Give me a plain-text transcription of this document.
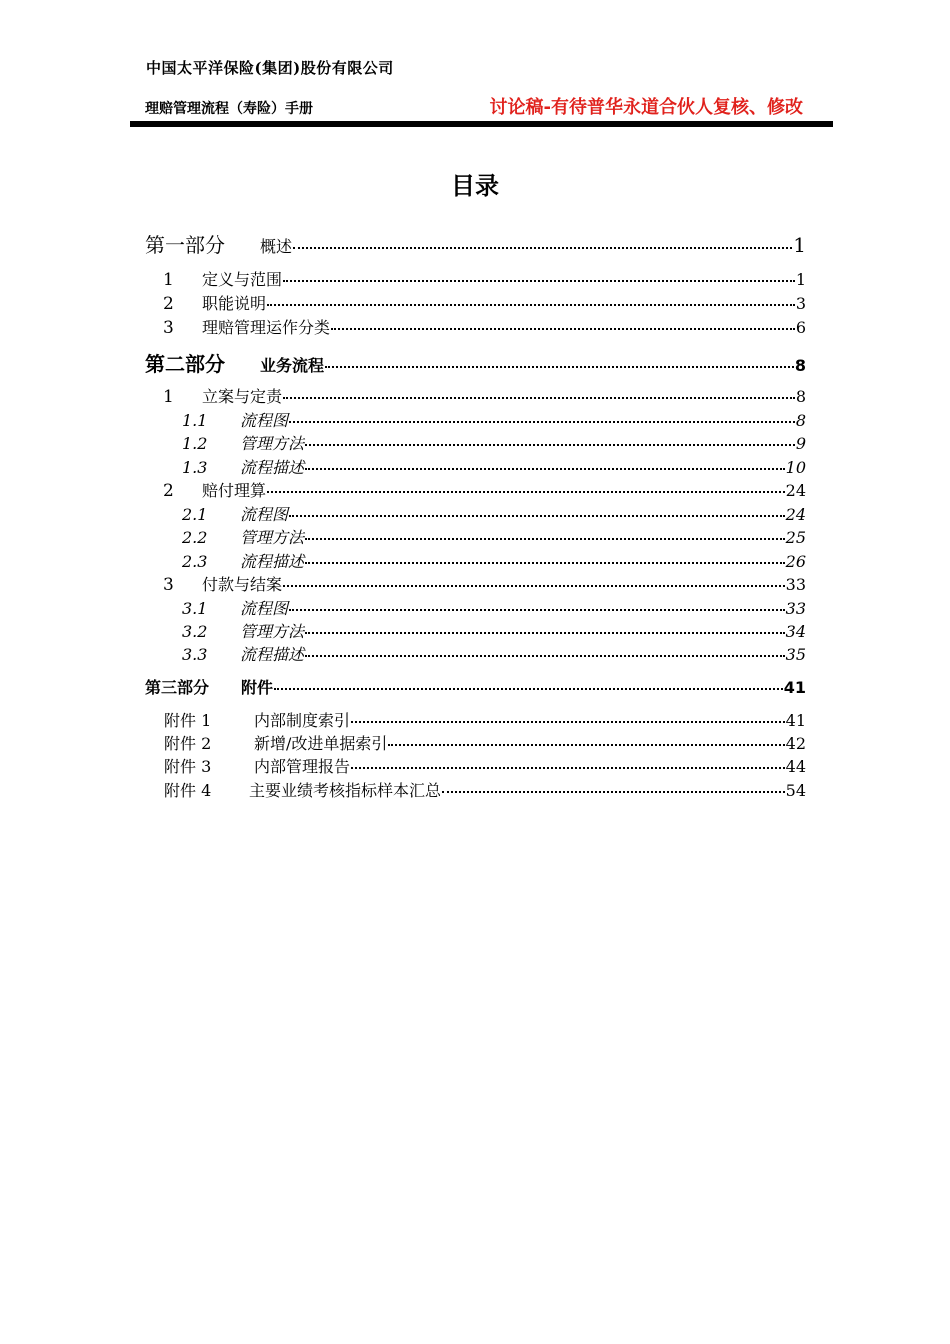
中国太平洋保险(集团)股份有限公司
理赔管理流程（寿险）手册	讨论稿-有待普华永道合伙人复核、修改
目录
第一部分	概述	1
1	定义与范围	1
2	职能说明	3
3	理赔管理运作分类	6
第二部分	业务流程	8
1	立案与定责	8
1.1	流程图	8
1.2	管理方法	9
1.3	流程描述	10
2	赔付理算	24
2.1	流程图	24
2.2	管理方法	25
2.3	流程描述	26
3	付款与结案	33
3.1	流程图	33
3.2	管理方法	34
3.3	流程描述	35
第三部分	附件	41
附件 1	内部制度索引	41
附件 2	新增/改进单据索引	42
附件 3	内部管理报告	44
附件 4	主要业绩考核指标样本汇总	54
